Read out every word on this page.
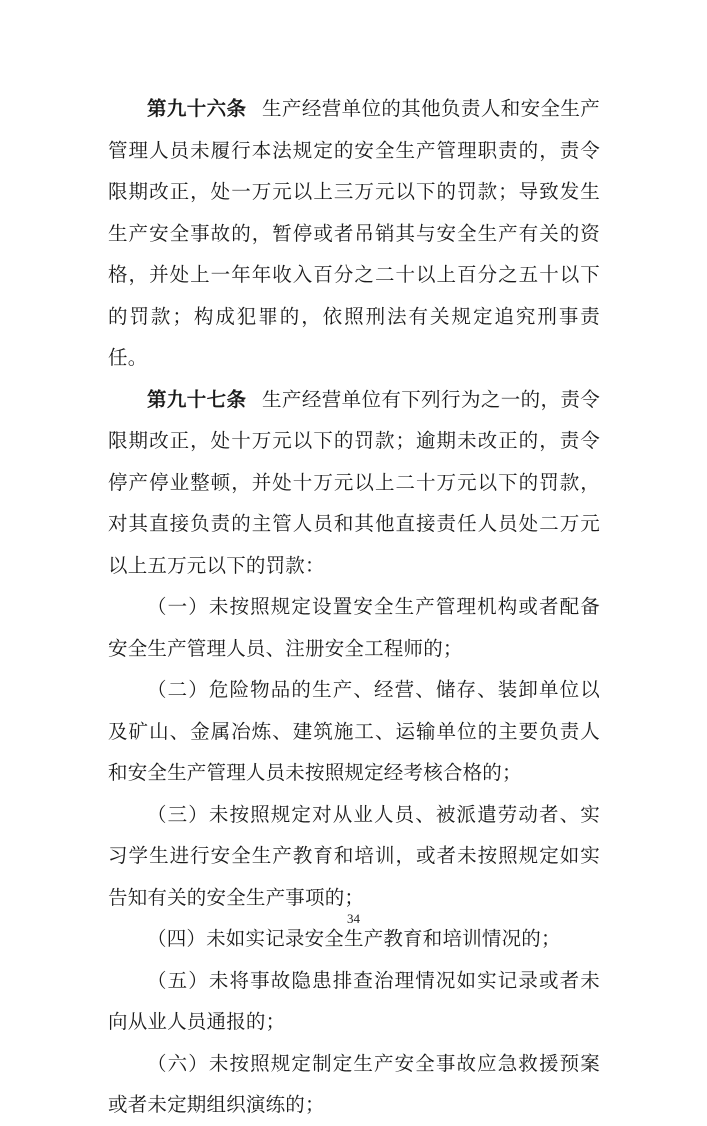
第九十六条 生产经营单位的其他负责人和安全生产管理人员未履行本法规定的安全生产管理职责的，责令限期改正，处一万元以上三万元以下的罚款；导致发生生产安全事故的，暂停或者吊销其与安全生产有关的资格，并处上一年年收入百分之二十以上百分之五十以下的罚款；构成犯罪的，依照刑法有关规定追究刑事责任。

第九十七条 生产经营单位有下列行为之一的，责令限期改正，处十万元以下的罚款；逾期未改正的，责令停产停业整顿，并处十万元以上二十万元以下的罚款，对其直接负责的主管人员和其他直接责任人员处二万元以上五万元以下的罚款：

（一）未按照规定设置安全生产管理机构或者配备安全生产管理人员、注册安全工程师的；

（二）危险物品的生产、经营、储存、装卸单位以及矿山、金属冶炼、建筑施工、运输单位的主要负责人和安全生产管理人员未按照规定经考核合格的；

（三）未按照规定对从业人员、被派遣劳动者、实习学生进行安全生产教育和培训，或者未按照规定如实告知有关的安全生产事项的；

（四）未如实记录安全生产教育和培训情况的；

（五）未将事故隐患排查治理情况如实记录或者未向从业人员通报的；

（六）未按照规定制定生产安全事故应急救援预案或者未定期组织演练的；

34
